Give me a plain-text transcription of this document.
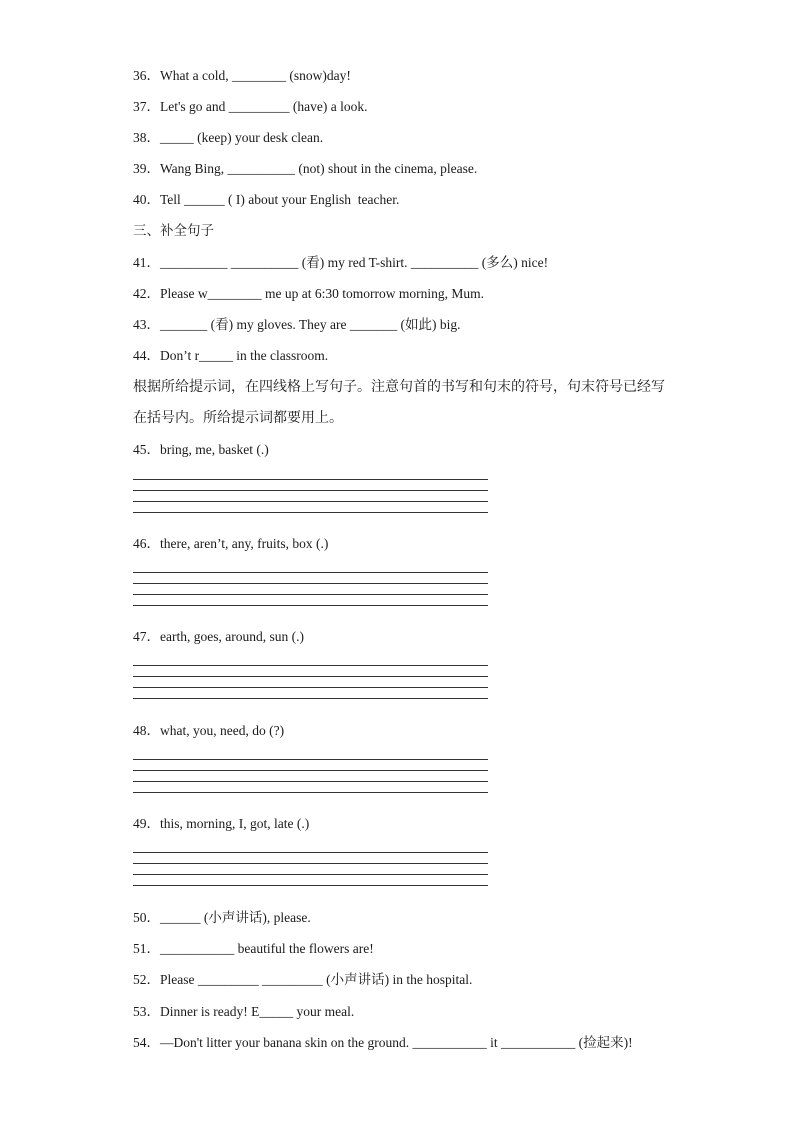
36．What a cold, ________ (snow)day!
37．Let's go and _________ (have) a look.
38．_____ (keep) your desk clean.
39．Wang Bing, __________ (not) shout in the cinema, please.
40．Tell ______ ( I) about your English  teacher.
三、补全句子
41．__________ __________ (看) my red T-shirt. __________ (多么) nice!
42．Please w________ me up at 6:30 tomorrow morning, Mum.
43．_______ (看) my gloves. They are _______ (如此) big.
44．Don’t r_____ in the classroom.
根据所给提示词，在四线格上写句子。注意句首的书写和句末的符号，句末符号已经写在括号内。所给提示词都要用上。
45．bring, me, basket (.)
46．there, aren’t, any, fruits, box (.)
47．earth, goes, around, sun (.)
48．what, you, need, do (?)
49．this, morning, I, got, late (.)
50．______ (小声讲话), please.
51．___________ beautiful the flowers are!
52．Please _________ _________ (小声讲话) in the hospital.
53．Dinner is ready! E_____ your meal.
54．—Don't litter your banana skin on the ground. ___________ it ___________ (捡起来)!
